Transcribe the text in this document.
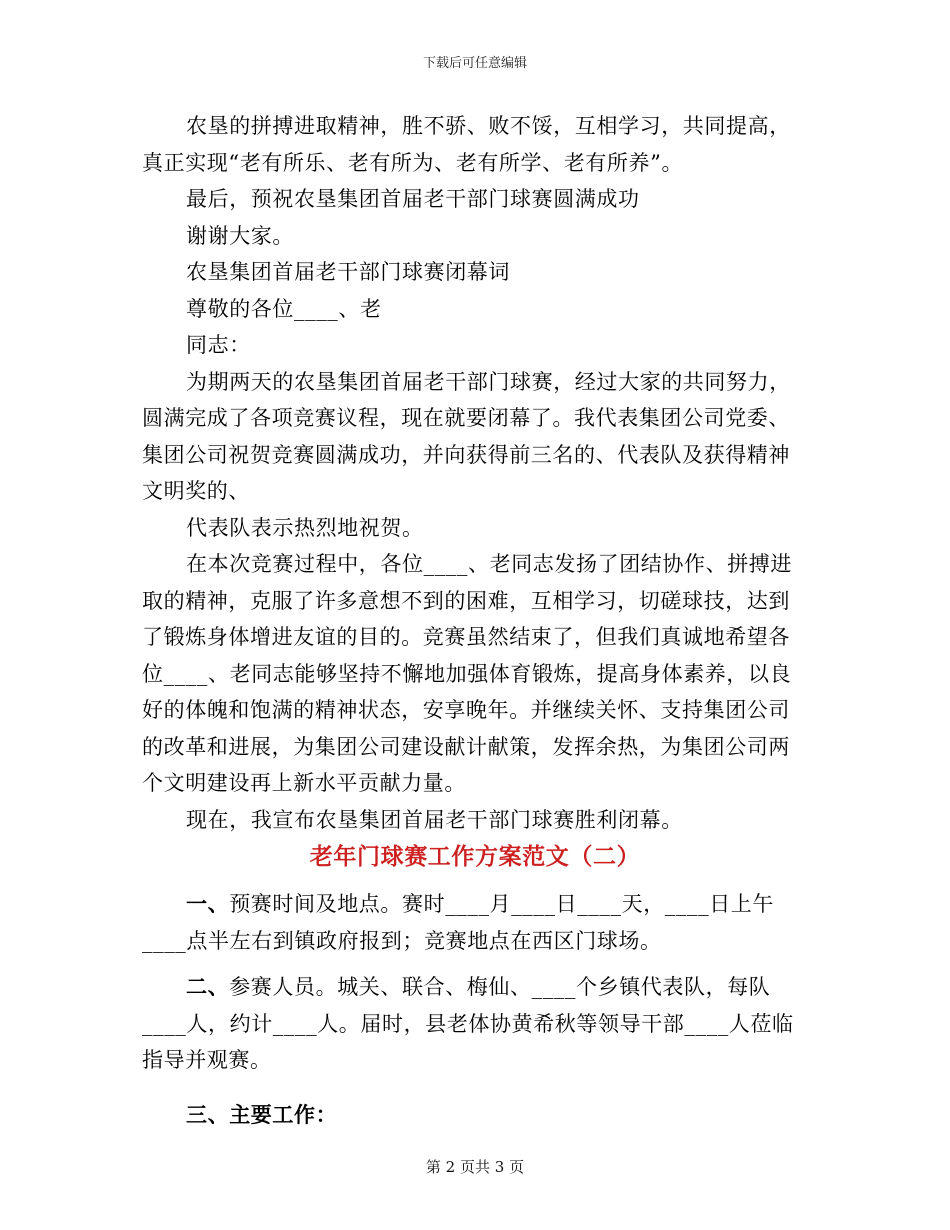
下载后可任意编辑

农垦的拼搏进取精神，胜不骄、败不馁，互相学习，共同提高，

真正实现“老有所乐、老有所为、老有所学、老有所养”。

最后，预祝农垦集团首届老干部门球赛圆满成功

谢谢大家。

农垦集团首届老干部门球赛闭幕词

尊敬的各位____、老

同志：

为期两天的农垦集团首届老干部门球赛，经过大家的共同努力，圆满完成了各项竞赛议程，现在就要闭幕了。我代表集团公司党委、集团公司祝贺竞赛圆满成功，并向获得前三名的、代表队及获得精神文明奖的、

代表队表示热烈地祝贺。

在本次竞赛过程中，各位____、老同志发扬了团结协作、拼搏进取的精神，克服了许多意想不到的困难，互相学习，切磋球技，达到了锻炼身体增进友谊的目的。竞赛虽然结束了，但我们真诚地希望各位____、老同志能够坚持不懈地加强体育锻炼，提高身体素养，以良好的体魄和饱满的精神状态，安享晚年。并继续关怀、支持集团公司的改革和进展，为集团公司建设献计献策，发挥余热，为集团公司两个文明建设再上新水平贡献力量。

现在，我宣布农垦集团首届老干部门球赛胜利闭幕。

老年门球赛工作方案范文（二）

一、预赛时间及地点。赛时____月____日____天，____日上午____点半左右到镇政府报到；竞赛地点在西区门球场。

二、参赛人员。城关、联合、梅仙、____个乡镇代表队，每队____人，约计____人。届时，县老体协黄希秋等领导干部____人莅临指导并观赛。

三、主要工作：

第 2 页共 3 页
